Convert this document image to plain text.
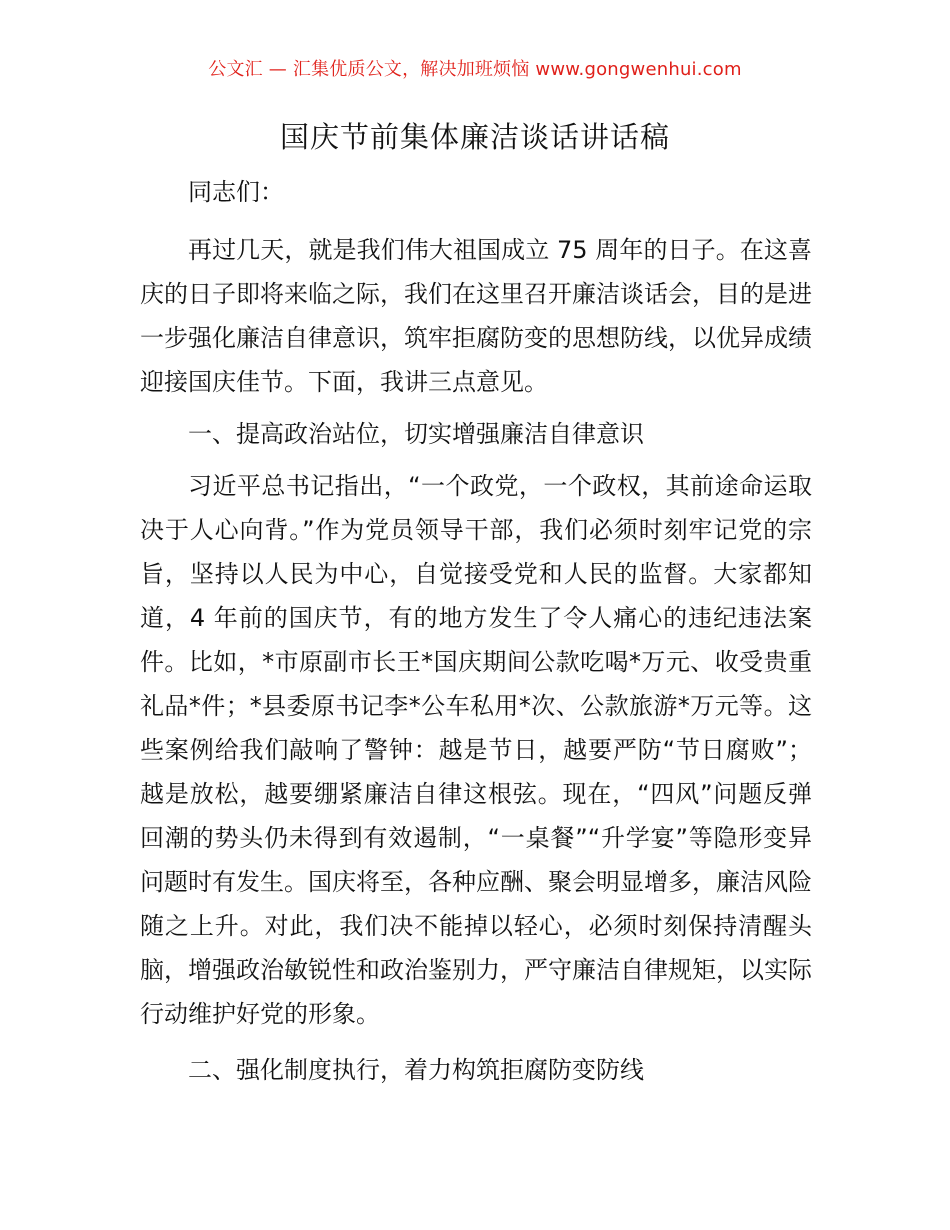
公文汇 — 汇集优质公文，解决加班烦恼 www.gongwenhui.com
国庆节前集体廉洁谈话讲话稿

同志们：

再过几天，就是我们伟大祖国成立 75 周年的日子。在这喜庆的日子即将来临之际，我们在这里召开廉洁谈话会，目的是进一步强化廉洁自律意识，筑牢拒腐防变的思想防线，以优异成绩迎接国庆佳节。下面，我讲三点意见。

一、提高政治站位，切实增强廉洁自律意识

习近平总书记指出，“一个政党，一个政权，其前途命运取决于人心向背。”作为党员领导干部，我们必须时刻牢记党的宗旨，坚持以人民为中心，自觉接受党和人民的监督。大家都知道，4 年前的国庆节，有的地方发生了令人痛心的违纪违法案件。比如，*市原副市长王*国庆期间公款吃喝*万元、收受贵重礼品*件；*县委原书记李*公车私用*次、公款旅游*万元等。这些案例给我们敲响了警钟：越是节日，越要严防“节日腐败”；越是放松，越要绷紧廉洁自律这根弦。现在，“四风”问题反弹回潮的势头仍未得到有效遏制，“一桌餐”“升学宴”等隐形变异问题时有发生。国庆将至，各种应酬、聚会明显增多，廉洁风险随之上升。对此，我们决不能掉以轻心，必须时刻保持清醒头脑，增强政治敏锐性和政治鉴别力，严守廉洁自律规矩，以实际行动维护好党的形象。

二、强化制度执行，着力构筑拒腐防变防线
